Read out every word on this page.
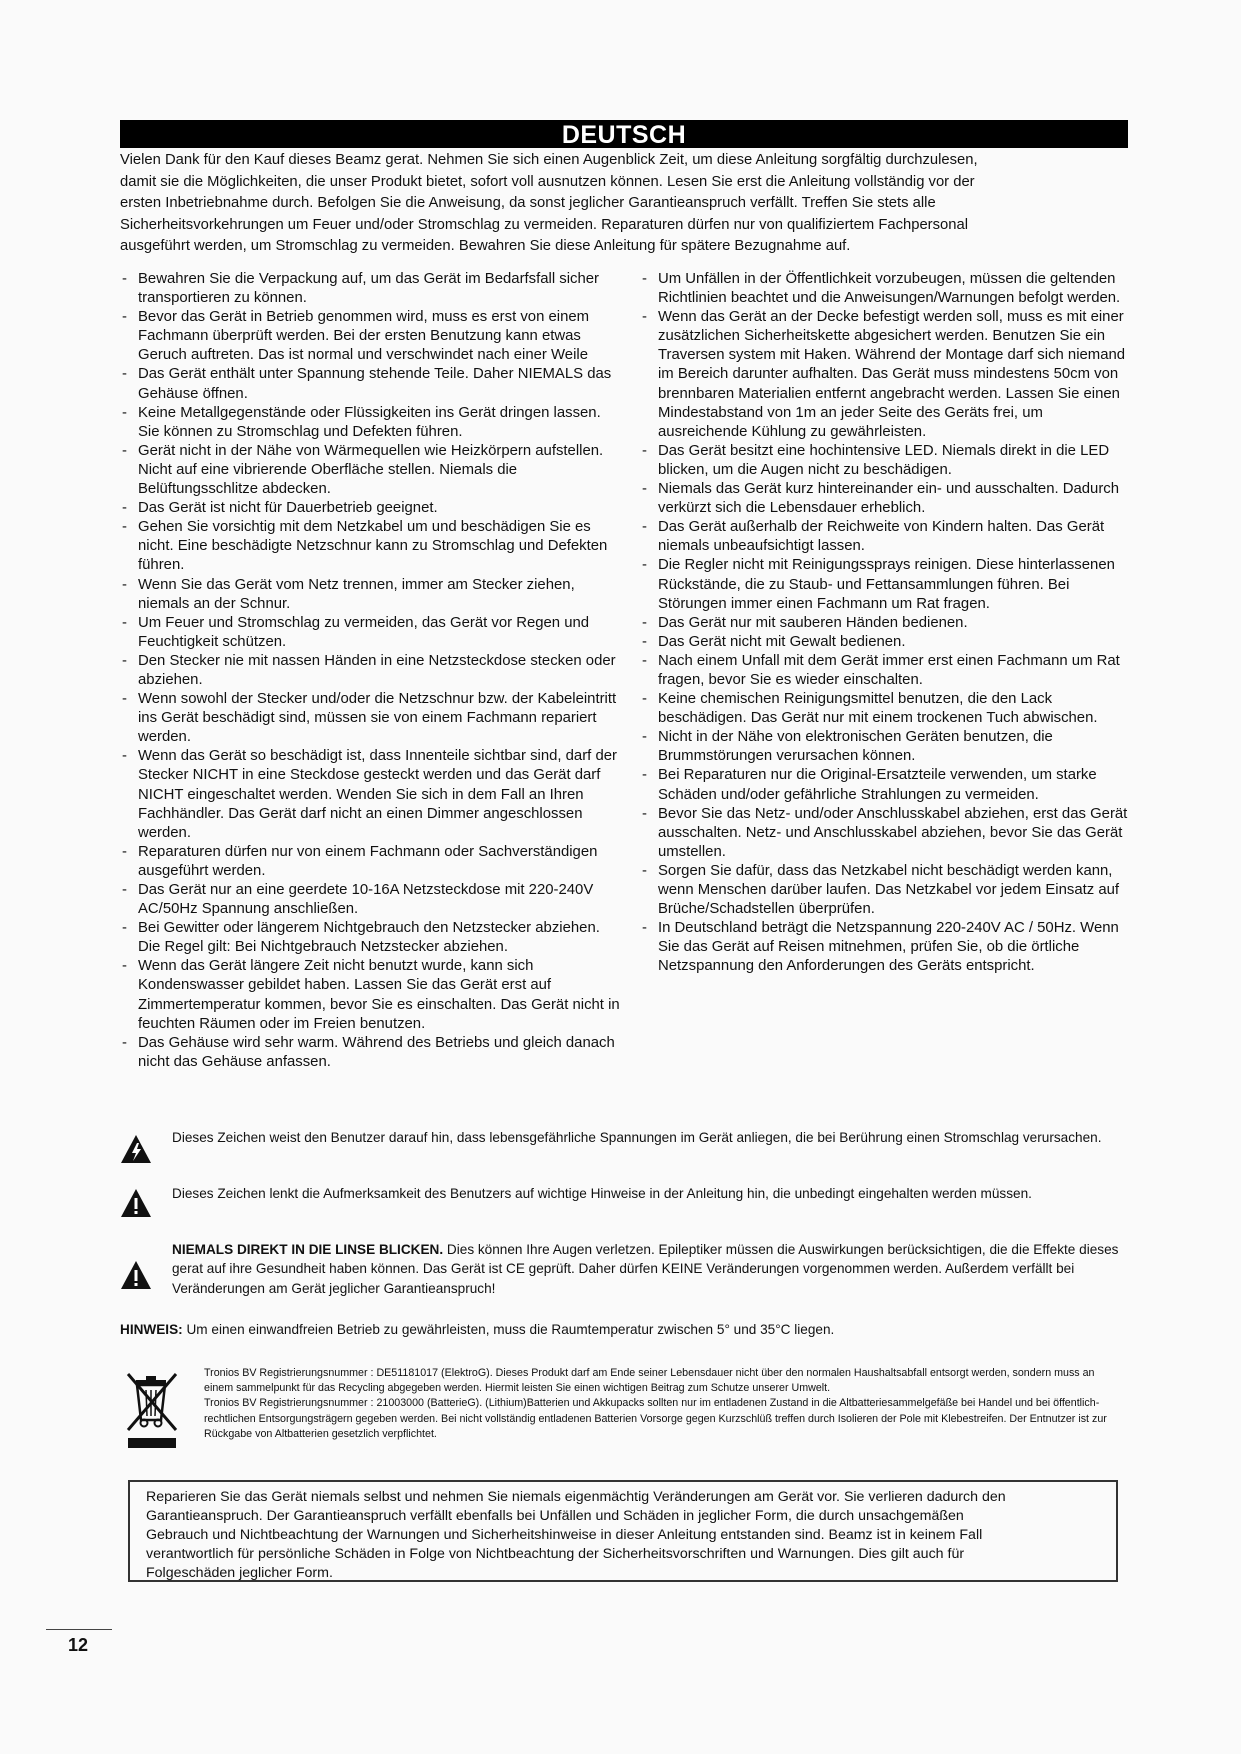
DEUTSCH

Vielen Dank für den Kauf dieses Beamz gerat. Nehmen Sie sich einen Augenblick Zeit, um diese Anleitung sorgfältig durchzulesen,

damit sie die Möglichkeiten, die unser Produkt bietet, sofort voll ausnutzen können. Lesen Sie erst die Anleitung vollständig vor der

ersten Inbetriebnahme durch. Befolgen Sie die Anweisung, da sonst jeglicher Garantieanspruch verfällt. Treffen Sie stets alle

Sicherheitsvorkehrungen um Feuer und/oder Stromschlag zu vermeiden. Reparaturen dürfen nur von qualifiziertem Fachpersonal

ausgeführt werden, um Stromschlag zu vermeiden. Bewahren Sie diese Anleitung für spätere Bezugnahme auf.

- Bewahren Sie die Verpackung auf, um das Gerät im Bedarfsfall sicher transportieren zu können.
- Bevor das Gerät in Betrieb genommen wird, muss es erst von einem Fachmann überprüft werden. Bei der ersten Benutzung kann etwas Geruch auftreten. Das ist normal und verschwindet nach einer Weile
- Das Gerät enthält unter Spannung stehende Teile. Daher NIEMALS das Gehäuse öffnen.
- Keine Metallgegenstände oder Flüssigkeiten ins Gerät dringen lassen. Sie können zu Stromschlag und Defekten führen.
- Gerät nicht in der Nähe von Wärmequellen wie Heizkörpern aufstellen. Nicht auf eine vibrierende Oberfläche stellen. Niemals die Belüftungsschlitze abdecken.
- Das Gerät ist nicht für Dauerbetrieb geeignet.
- Gehen Sie vorsichtig mit dem Netzkabel um und beschädigen Sie es nicht. Eine beschädigte Netzschnur kann zu Stromschlag und Defekten führen.
- Wenn Sie das Gerät vom Netz trennen, immer am Stecker ziehen, niemals an der Schnur.
- Um Feuer und Stromschlag zu vermeiden, das Gerät vor Regen und Feuchtigkeit schützen.
- Den Stecker nie mit nassen Händen in eine Netzsteckdose stecken oder abziehen.
- Wenn sowohl der Stecker und/oder die Netzschnur bzw. der Kabeleintritt ins Gerät beschädigt sind, müssen sie von einem Fachmann repariert werden.
- Wenn das Gerät so beschädigt ist, dass Innenteile sichtbar sind, darf der Stecker NICHT in eine Steckdose gesteckt werden und das Gerät darf NICHT eingeschaltet werden. Wenden Sie sich in dem Fall an Ihren Fachhändler. Das Gerät darf nicht an einen Dimmer angeschlossen werden.
- Reparaturen dürfen nur von einem Fachmann oder Sachverständigen ausgeführt werden.
- Das Gerät nur an eine geerdete 10-16A Netzsteckdose mit 220-240V AC/50Hz Spannung anschließen.
- Bei Gewitter oder längerem Nichtgebrauch den Netzstecker abziehen. Die Regel gilt: Bei Nichtgebrauch Netzstecker abziehen.
- Wenn das Gerät längere Zeit nicht benutzt wurde, kann sich Kondenswasser gebildet haben. Lassen Sie das Gerät erst auf Zimmertemperatur kommen, bevor Sie es einschalten. Das Gerät nicht in feuchten Räumen oder im Freien benutzen.
- Das Gehäuse wird sehr warm. Während des Betriebs und gleich danach nicht das Gehäuse anfassen.
- Um Unfällen in der Öffentlichkeit vorzubeugen, müssen die geltenden Richtlinien beachtet und die Anweisungen/Warnungen befolgt werden.
- Wenn das Gerät an der Decke befestigt werden soll, muss es mit einer zusätzlichen Sicherheitskette abgesichert werden. Benutzen Sie ein Traversen system mit Haken. Während der Montage darf sich niemand im Bereich darunter aufhalten. Das Gerät muss mindestens 50cm von brennbaren Materialien entfernt angebracht werden. Lassen Sie einen Mindestabstand von 1m an jeder Seite des Geräts frei, um ausreichende Kühlung zu gewährleisten.
- Das Gerät besitzt eine hochintensive LED. Niemals direkt in die LED blicken, um die Augen nicht zu beschädigen.
- Niemals das Gerät kurz hintereinander ein- und ausschalten. Dadurch verkürzt sich die Lebensdauer erheblich.
- Das Gerät außerhalb der Reichweite von Kindern halten. Das Gerät niemals unbeaufsichtigt lassen.
- Die Regler nicht mit Reinigungssprays reinigen. Diese hinterlassenen Rückstände, die zu Staub- und Fettansammlungen führen. Bei Störungen immer einen Fachmann um Rat fragen.
- Das Gerät nur mit sauberen Händen bedienen.
- Das Gerät nicht mit Gewalt bedienen.
- Nach einem Unfall mit dem Gerät immer erst einen Fachmann um Rat fragen, bevor Sie es wieder einschalten.
- Keine chemischen Reinigungsmittel benutzen, die den Lack beschädigen. Das Gerät nur mit einem trockenen Tuch abwischen.
- Nicht in der Nähe von elektronischen Geräten benutzen, die Brummstörungen verursachen können.
- Bei Reparaturen nur die Original-Ersatzteile verwenden, um starke Schäden und/oder gefährliche Strahlungen zu vermeiden.
- Bevor Sie das Netz- und/oder Anschlusskabel abziehen, erst das Gerät ausschalten. Netz- und Anschlusskabel abziehen, bevor Sie das Gerät umstellen.
- Sorgen Sie dafür, dass das Netzkabel nicht beschädigt werden kann, wenn Menschen darüber laufen. Das Netzkabel vor jedem Einsatz auf Brüche/Schadstellen überprüfen.
- In Deutschland beträgt die Netzspannung 220-240V AC / 50Hz. Wenn Sie das Gerät auf Reisen mitnehmen, prüfen Sie, ob die örtliche Netzspannung den Anforderungen des Geräts entspricht.

Dieses Zeichen weist den Benutzer darauf hin, dass lebensgefährliche Spannungen im Gerät anliegen, die bei Berührung einen Stromschlag verursachen.

Dieses Zeichen lenkt die Aufmerksamkeit des Benutzers auf wichtige Hinweise in der Anleitung hin, die unbedingt eingehalten werden müssen.

NIEMALS DIREKT IN DIE LINSE BLICKEN. Dies können Ihre Augen verletzen. Epileptiker müssen die Auswirkungen berücksichtigen, die die Effekte dieses gerat auf ihre Gesundheit haben können. Das Gerät ist CE geprüft. Daher dürfen KEINE Veränderungen vorgenommen werden. Außerdem verfällt bei Veränderungen am Gerät jeglicher Garantieanspruch!

HINWEIS: Um einen einwandfreien Betrieb zu gewährleisten, muss die Raumtemperatur zwischen 5° und 35°C liegen.

Tronios BV Registrierungsnummer : DE51181017 (ElektroG). Dieses Produkt darf am Ende seiner Lebensdauer nicht über den normalen Haushaltsabfall entsorgt werden, sondern muss an einem sammelpunkt für das Recycling abgegeben werden. Hiermit leisten Sie einen wichtigen Beitrag zum Schutze unserer Umwelt.

Tronios BV Registrierungsnummer : 21003000 (BatterieG). (Lithium)Batterien und Akkupacks sollten nur im entladenen Zustand in die Altbatteriesammelgefäße bei Handel und bei öffentlich-rechtlichen Entsorgungsträgern gegeben werden. Bei nicht vollständig entladenen Batterien Vorsorge gegen Kurzschlüß treffen durch Isolieren der Pole mit Klebestreifen. Der Entnutzer ist zur Rückgabe von Altbatterien gesetzlich verpflichtet.

Reparieren Sie das Gerät niemals selbst und nehmen Sie niemals eigenmächtig Veränderungen am Gerät vor. Sie verlieren dadurch den
Garantieanspruch. Der Garantieanspruch verfällt ebenfalls bei Unfällen und Schäden in jeglicher Form, die durch unsachgemäßen
Gebrauch und Nichtbeachtung der Warnungen und Sicherheitshinweise in dieser Anleitung entstanden sind. Beamz ist in keinem Fall
verantwortlich für persönliche Schäden in Folge von Nichtbeachtung der Sicherheitsvorschriften und Warnungen. Dies gilt auch für
Folgeschäden jeglicher Form.
12
